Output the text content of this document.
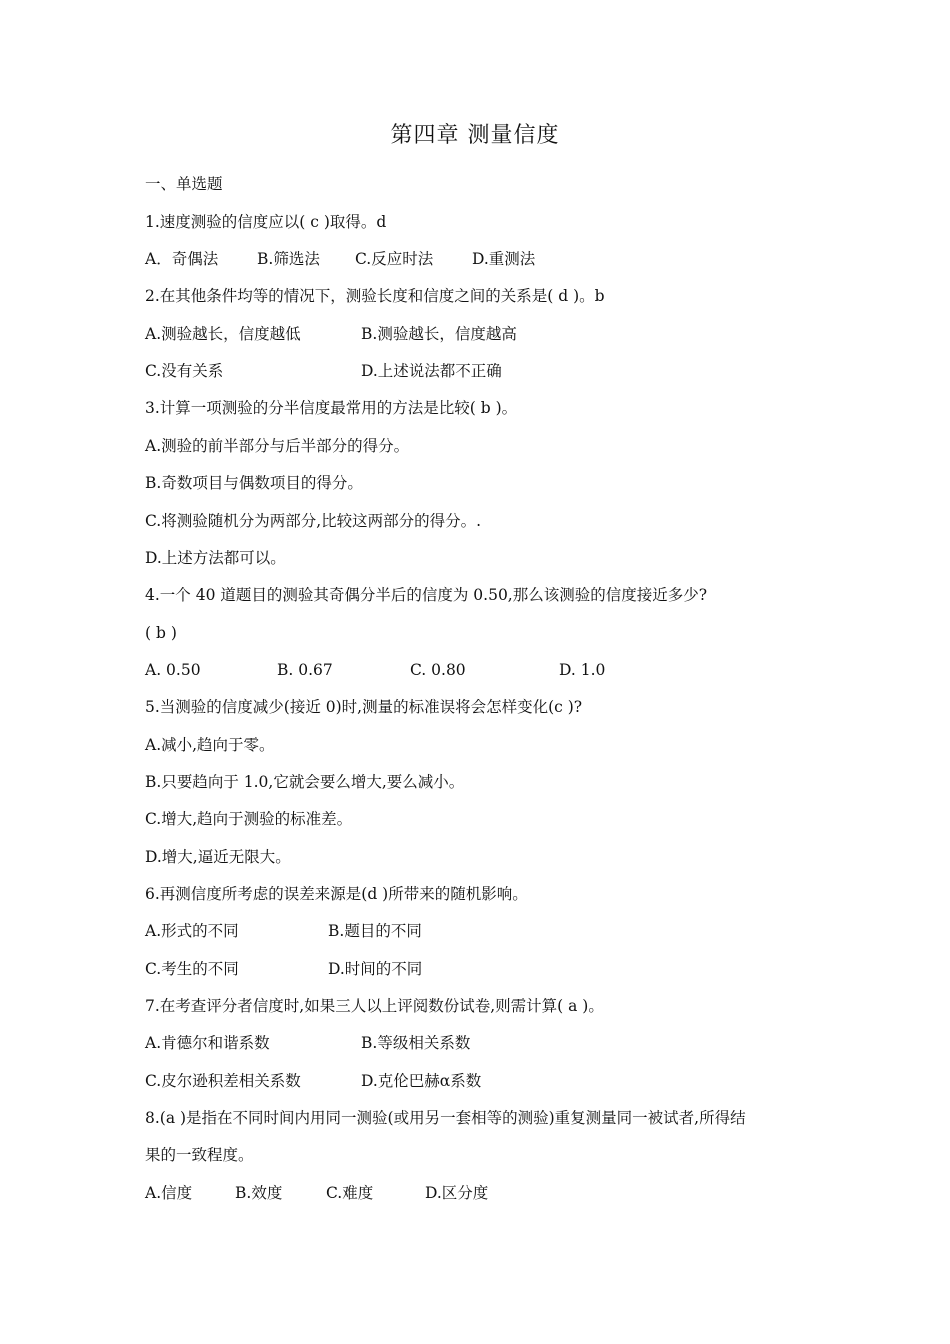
第四章 测量信度
一、单选题
1.速度测验的信度应以( c )取得。d
A．奇偶法	B.筛选法 C.反应时法	D.重测法
2.在其他条件均等的情况下，测验长度和信度之间的关系是( d )。b
A.测验越长，信度越低	B.测验越长，信度越高
C.没有关系	D.上述说法都不正确
3.计算一项测验的分半信度最常用的方法是比较( b )。
A.测验的前半部分与后半部分的得分。
B.奇数项目与偶数项目的得分。
C.将测验随机分为两部分,比较这两部分的得分。.
D.上述方法都可以。
4.一个 40 道题目的测验其奇偶分半后的信度为 0.50,那么该测验的信度接近多少?
( b )
A. 0.50	B. 0.67	C. 0.80	D. 1.0
5.当测验的信度减少(接近 0)时,测量的标准误将会怎样变化(c )?
A.减小,趋向于零。
B.只要趋向于 1.0,它就会要么增大,要么减小。
C.增大,趋向于测验的标准差。
D.增大,逼近无限大。
6.再测信度所考虑的误差来源是(d )所带来的随机影响。
A.形式的不同	B.题目的不同
C.考生的不同	D.时间的不同
7.在考查评分者信度时,如果三人以上评阅数份试卷,则需计算( a )。
A.肯德尔和谐系数	B.等级相关系数
C.皮尔逊积差相关系数	D.克伦巴赫α系数
8.(a )是指在不同时间内用同一测验(或用另一套相等的测验)重复测量同一被试者,所得结
果的一致程度。
A.信度	B.效度	C.难度	D.区分度
